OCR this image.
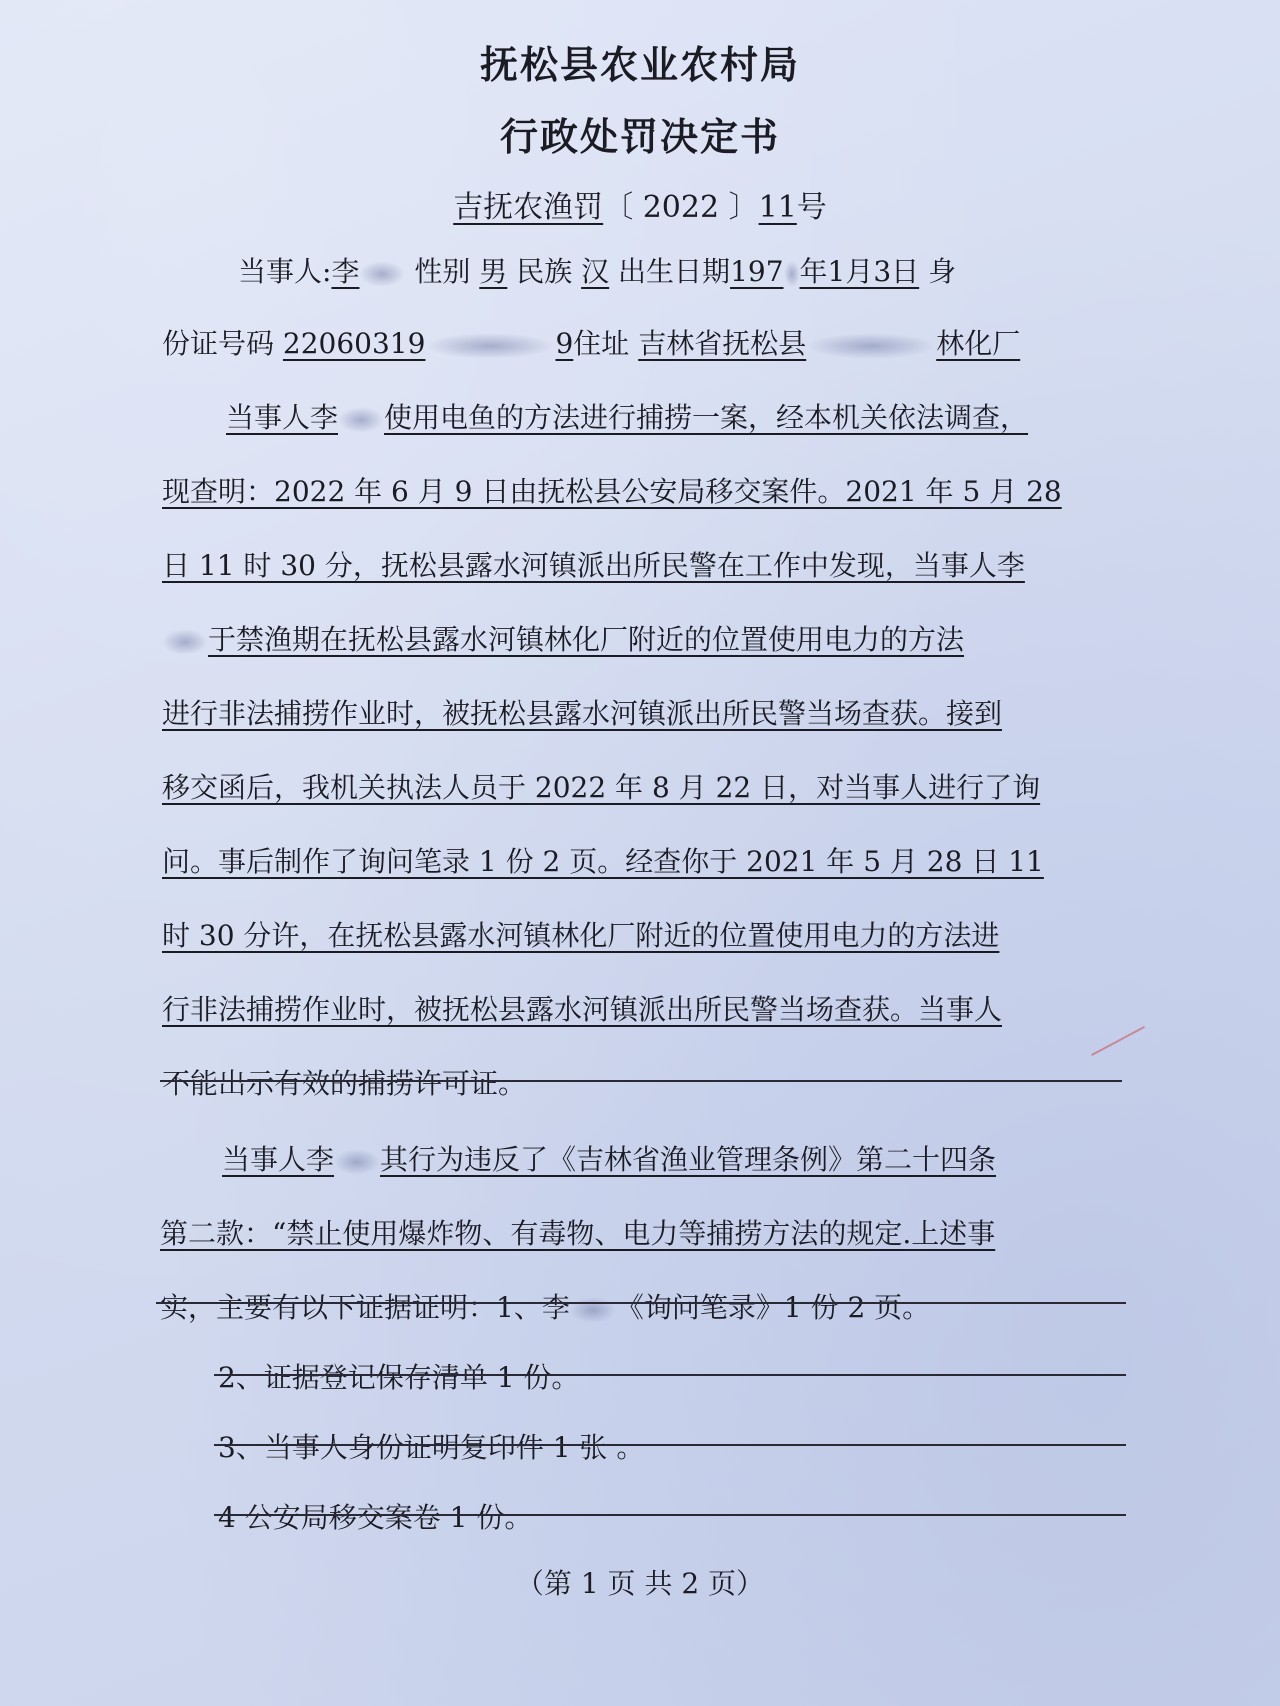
抚松县农业农村局
行政处罚决定书
吉抚农渔罚〔 2022 〕11号
当事人:李 性别 男 民族 汉 出生日期197 年1月3日 身
份证号码 22060319	9住址 吉林省抚松县	林化厂
当事人李 使用电鱼的方法进行捕捞一案，经本机关依法调查，
现查明：2022 年 6 月 9 日由抚松县公安局移交案件。2021 年 5 月 28
日 11 时 30 分，抚松县露水河镇派出所民警在工作中发现，当事人李
于禁渔期在抚松县露水河镇林化厂附近的位置使用电力的方法
进行非法捕捞作业时，被抚松县露水河镇派出所民警当场查获。接到
移交函后，我机关执法人员于 2022 年 8 月 22 日，对当事人进行了询
问。事后制作了询问笔录 1 份 2 页。经查你于 2021 年 5 月 28 日 11
时 30 分许，在抚松县露水河镇林化厂附近的位置使用电力的方法进
行非法捕捞作业时，被抚松县露水河镇派出所民警当场查获。当事人
不能出示有效的捕捞许可证。
当事人李 其行为违反了《吉林省渔业管理条例》第二十四条
第二款：“禁止使用爆炸物、有毒物、电力等捕捞方法的规定.上述事
实，主要有以下证据证明：1、李 《询问笔录》1 份 2 页。
2、证据登记保存清单 1 份。
3、当事人身份证明复印件 1 张 。
4 公安局移交案卷 1 份。
（第 1 页 共 2 页）
